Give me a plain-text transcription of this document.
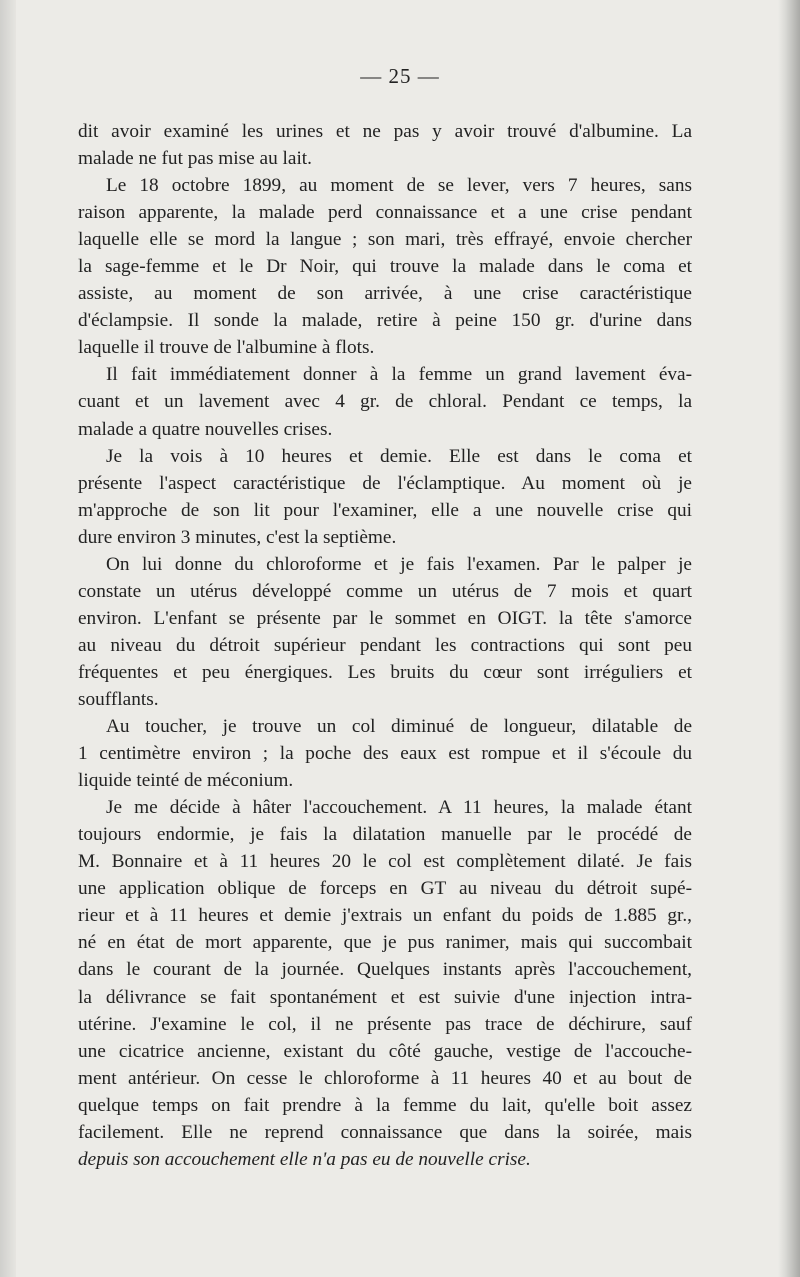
— 25 —
dit avoir examiné les urines et ne pas y avoir trouvé d'albumine. La
malade ne fut pas mise au lait.
Le 18 octobre 1899, au moment de se lever, vers 7 heures, sans
raison apparente, la malade perd connaissance et a une crise pendant
laquelle elle se mord la langue ; son mari, très effrayé, envoie chercher
la sage-femme et le Dr Noir, qui trouve la malade dans le coma et
assiste, au moment de son arrivée, à une crise caractéristique
d'éclampsie. Il sonde la malade, retire à peine 150 gr. d'urine dans
laquelle il trouve de l'albumine à flots.
Il fait immédiatement donner à la femme un grand lavement éva-
cuant et un lavement avec 4 gr. de chloral. Pendant ce temps, la
malade a quatre nouvelles crises.
Je la vois à 10 heures et demie. Elle est dans le coma et
présente l'aspect caractéristique de l'éclamptique. Au moment où je
m'approche de son lit pour l'examiner, elle a une nouvelle crise qui
dure environ 3 minutes, c'est la septième.
On lui donne du chloroforme et je fais l'examen. Par le palper je
constate un utérus développé comme un utérus de 7 mois et quart
environ. L'enfant se présente par le sommet en OIGT. la tête s'amorce
au niveau du détroit supérieur pendant les contractions qui sont peu
fréquentes et peu énergiques. Les bruits du cœur sont irréguliers et
soufflants.
Au toucher, je trouve un col diminué de longueur, dilatable de
1 centimètre environ ; la poche des eaux est rompue et il s'écoule du
liquide teinté de méconium.
Je me décide à hâter l'accouchement. A 11 heures, la malade étant
toujours endormie, je fais la dilatation manuelle par le procédé de
M. Bonnaire et à 11 heures 20 le col est complètement dilaté. Je fais
une application oblique de forceps en GT au niveau du détroit supé-
rieur et à 11 heures et demie j'extrais un enfant du poids de 1.885 gr.,
né en état de mort apparente, que je pus ranimer, mais qui succombait
dans le courant de la journée. Quelques instants après l'accouchement,
la délivrance se fait spontanément et est suivie d'une injection intra-
utérine. J'examine le col, il ne présente pas trace de déchirure, sauf
une cicatrice ancienne, existant du côté gauche, vestige de l'accouche-
ment antérieur. On cesse le chloroforme à 11 heures 40 et au bout de
quelque temps on fait prendre à la femme du lait, qu'elle boit assez
facilement. Elle ne reprend connaissance que dans la soirée, mais
depuis son accouchement elle n'a pas eu de nouvelle crise.
